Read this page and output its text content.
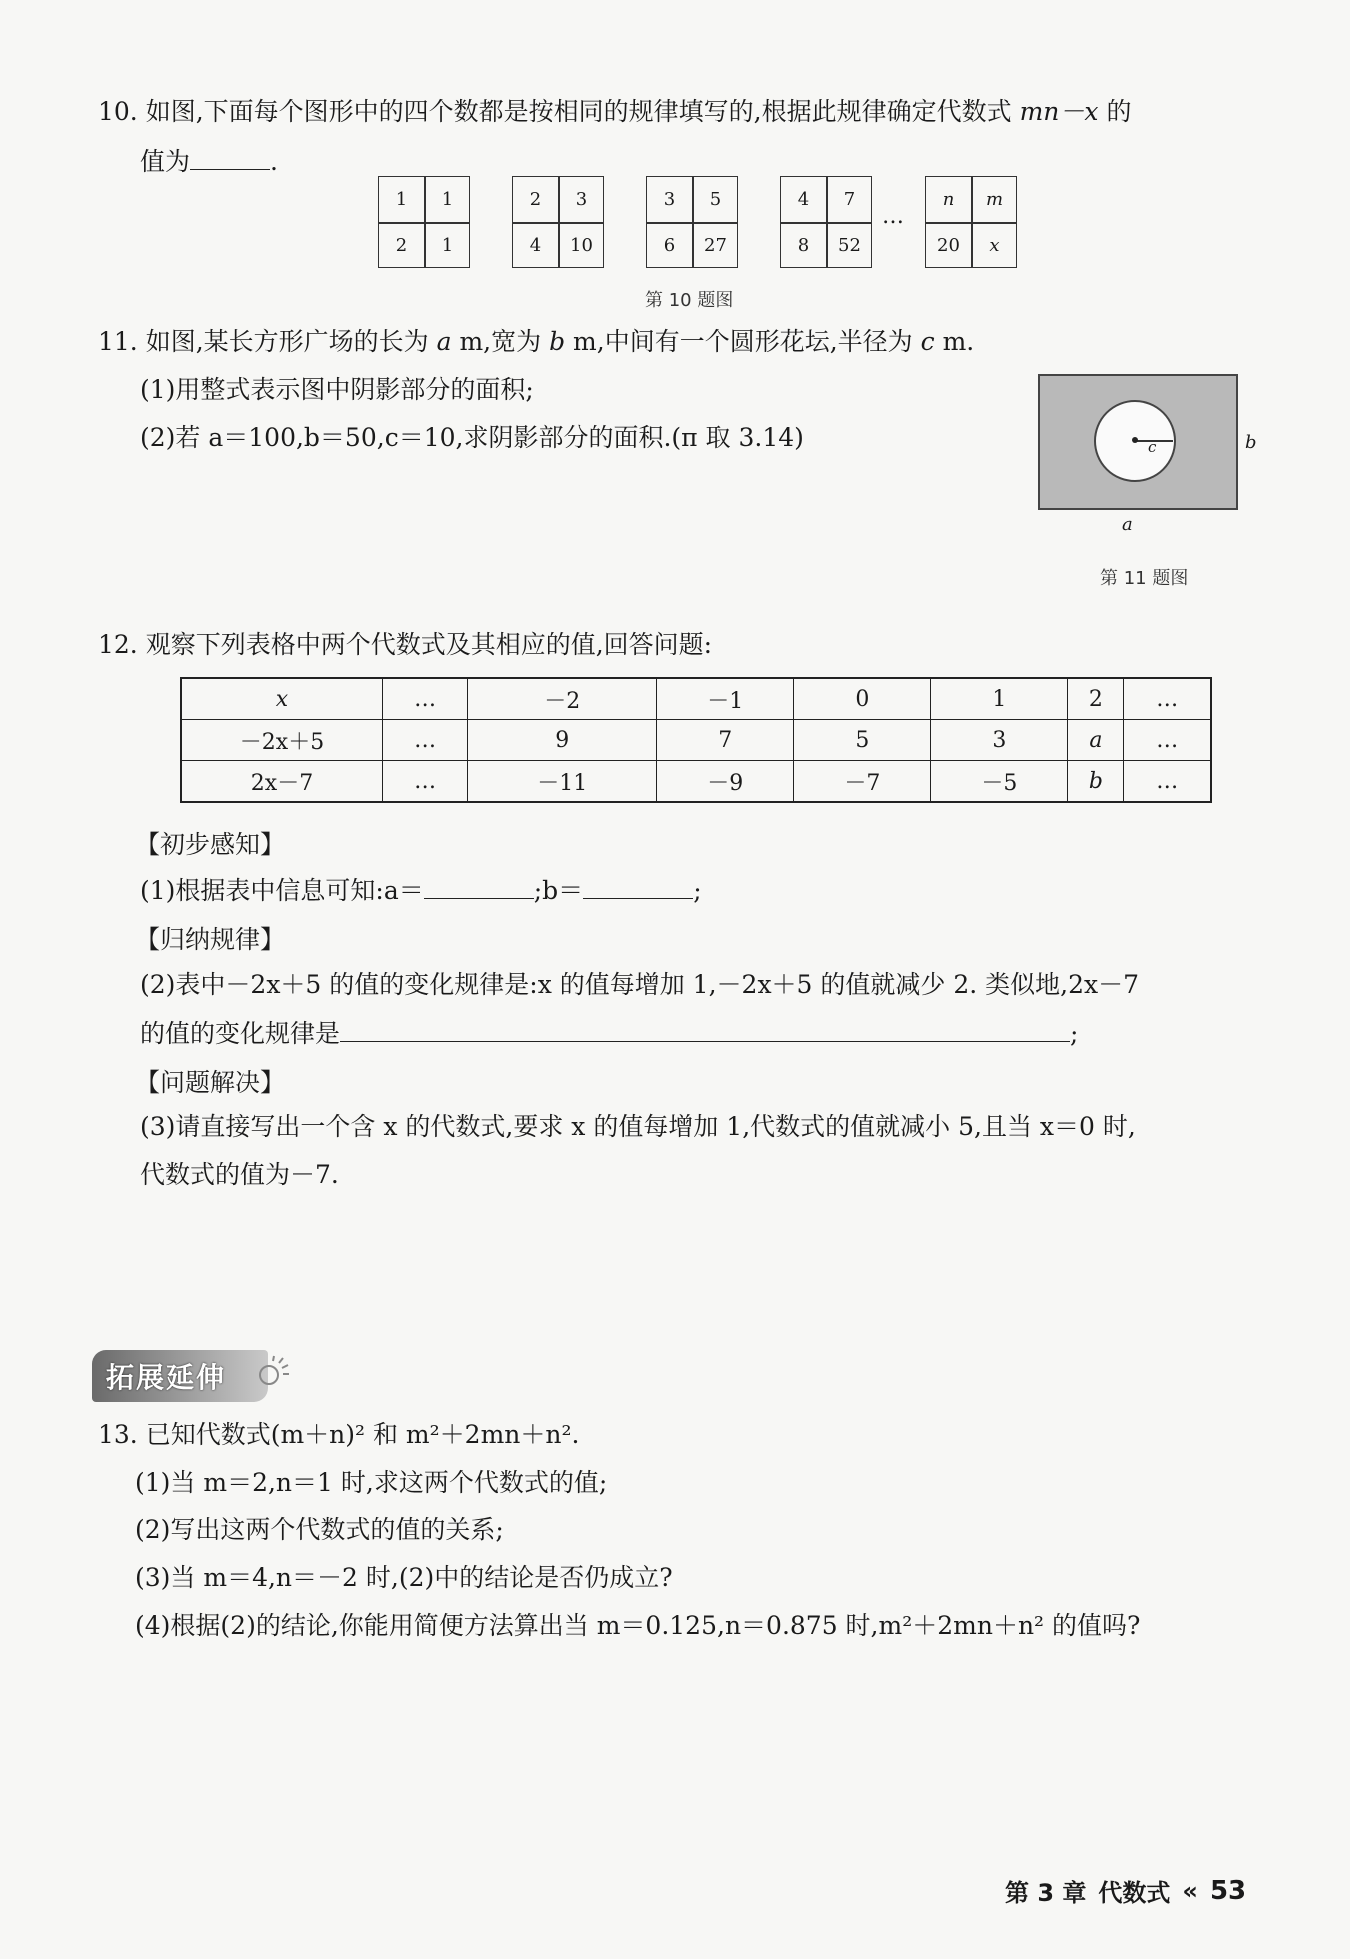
10. 如图,下面每个图形中的四个数都是按相同的规律填写的,根据此规律确定代数式 mn－x 的
值为	.
1	1
2	1
2	3
4	10
3	5
6	27
4	7
8	52
n	m
20	x
…
第 10 题图
11. 如图,某长方形广场的长为 a m,宽为 b m,中间有一个圆形花坛,半径为 c m.
(1)用整式表示图中阴影部分的面积;
(2)若 a＝100,b＝50,c＝10,求阴影部分的面积.(π 取 3.14)	c	b
a
第 11 题图
12. 观察下列表格中两个代数式及其相应的值,回答问题:
x	…	－2	－1	0	1	2	…
－2x＋5	…	9	7	5	3	a	…
2x－7	…	－11	－9	－7	－5	b	…
【初步感知】
(1)根据表中信息可知:a＝	;b＝	;
【归纳规律】
(2)表中－2x＋5 的值的变化规律是:x 的值每增加 1,－2x＋5 的值就减少 2. 类似地,2x－7
的值的变化规律是	;
【问题解决】
(3)请直接写出一个含 x 的代数式,要求 x 的值每增加 1,代数式的值就减小 5,且当 x＝0 时,
代数式的值为－7.
拓展延伸
13. 已知代数式(m＋n)² 和 m²＋2mn＋n².
(1)当 m＝2,n＝1 时,求这两个代数式的值;
(2)写出这两个代数式的值的关系;
(3)当 m＝4,n＝－2 时,(2)中的结论是否仍成立?
(4)根据(2)的结论,你能用简便方法算出当 m＝0.125,n＝0.875 时,m²＋2mn＋n² 的值吗?
第 3 章 代数式 « 53
